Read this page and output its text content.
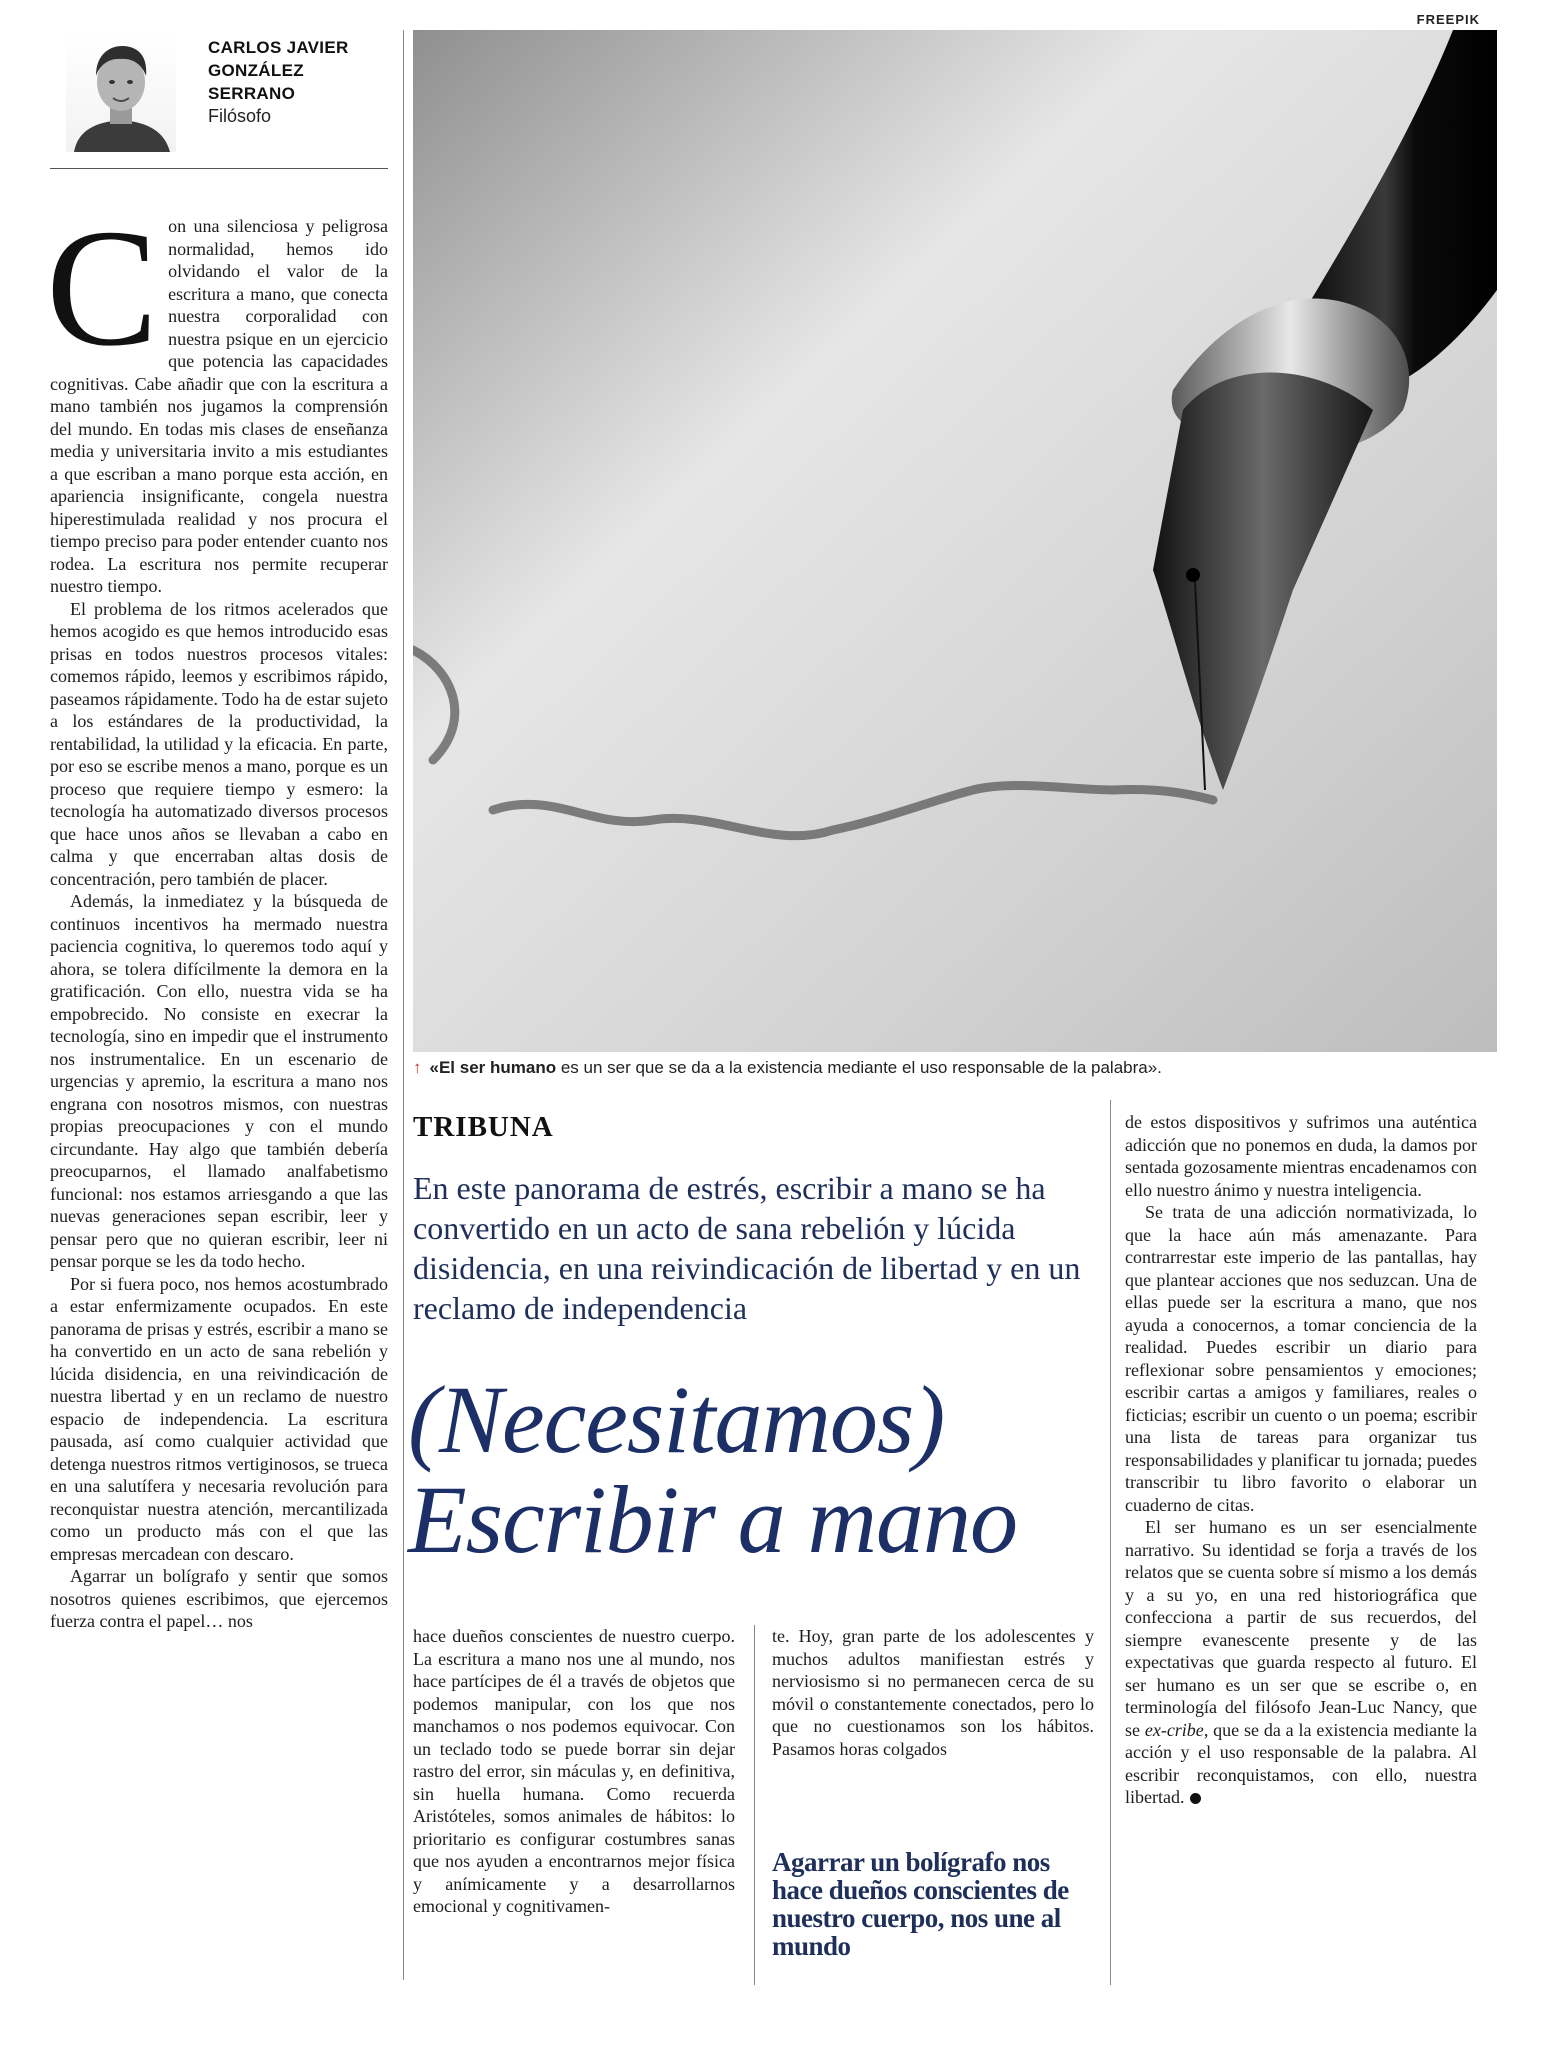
FREEPIK
CARLOS JAVIER
GONZÁLEZ
SERRANO
Filósofo

Con una silenciosa y peligrosa normalidad, hemos ido olvidando el valor de la escritura a mano, que conecta nuestra corporalidad con nuestra psique en un ejercicio que potencia las capacidades cognitivas. Cabe añadir que con la escritura a mano también nos jugamos la comprensión del mundo. En todas mis clases de enseñanza media y universitaria invito a mis estudiantes a que escriban a mano porque esta acción, en apariencia insignificante, congela nuestra hiperestimulada realidad y nos procura el tiempo preciso para poder entender cuanto nos rodea. La escritura nos permite recuperar nuestro tiempo.

El problema de los ritmos acelerados que hemos acogido es que hemos introducido esas prisas en todos nuestros procesos vitales: comemos rápido, leemos y escribimos rápido, paseamos rápidamente. Todo ha de estar sujeto a los estándares de la productividad, la rentabilidad, la utilidad y la eficacia. En parte, por eso se escribe menos a mano, porque es un proceso que requiere tiempo y esmero: la tecnología ha automatizado diversos procesos que hace unos años se llevaban a cabo en calma y que encerraban altas dosis de concentración, pero también de placer.

Además, la inmediatez y la búsqueda de continuos incentivos ha mermado nuestra paciencia cognitiva, lo queremos todo aquí y ahora, se tolera difícilmente la demora en la gratificación. Con ello, nuestra vida se ha empobrecido. No consiste en execrar la tecnología, sino en impedir que el instrumento nos instrumentalice. En un escenario de urgencias y apremio, la escritura a mano nos engrana con nosotros mismos, con nuestras propias preocupaciones y con el mundo circundante. Hay algo que también debería preocuparnos, el llamado analfabetismo funcional: nos estamos arriesgando a que las nuevas generaciones sepan escribir, leer y pensar pero que no quieran escribir, leer ni pensar porque se les da todo hecho.

Por si fuera poco, nos hemos acostumbrado a estar enfermizamente ocupados. En este panorama de prisas y estrés, escribir a mano se ha convertido en un acto de sana rebelión y lúcida disidencia, en una reivindicación de nuestra libertad y en un reclamo de nuestro espacio de independencia. La escritura pausada, así como cualquier actividad que detenga nuestros ritmos vertiginosos, se trueca en una salutífera y necesaria revolución para reconquistar nuestra atención, mercantilizada como un producto más con el que las empresas mercadean con descaro.

Agarrar un bolígrafo y sentir que somos nosotros quienes escribimos, que ejercemos fuerza contra el papel… nos

↑ «El ser humano es un ser que se da a la existencia mediante el uso responsable de la palabra».
TRIBUNA
En este panorama de estrés, escribir a mano se ha convertido en un acto de sana rebelión y lúcida disidencia, en una reivindicación de libertad y en un reclamo de independencia
(Necesitamos)
Escribir a mano

hace dueños conscientes de nuestro cuerpo. La escritura a mano nos une al mundo, nos hace partícipes de él a través de objetos que podemos manipular, con los que nos manchamos o nos podemos equivocar. Con un teclado todo se puede borrar sin dejar rastro del error, sin máculas y, en definitiva, sin huella humana. Como recuerda Aristóteles, somos animales de hábitos: lo prioritario es configurar costumbres sanas que nos ayuden a encontrarnos mejor física y anímicamente y a desarrollarnos emocional y cognitivamen-

te. Hoy, gran parte de los adolescentes y muchos adultos manifiestan estrés y nerviosismo si no permanecen cerca de su móvil o constantemente conectados, pero lo que no cuestionamos son los hábitos. Pasamos horas colgados

Agarrar un bolígrafo nos hace dueños conscientes de nuestro cuerpo, nos une al mundo

de estos dispositivos y sufrimos una auténtica adicción que no ponemos en duda, la damos por sentada gozosamente mientras encadenamos con ello nuestro ánimo y nuestra inteligencia.

Se trata de una adicción normativizada, lo que la hace aún más amenazante. Para contrarrestar este imperio de las pantallas, hay que plantear acciones que nos seduzcan. Una de ellas puede ser la escritura a mano, que nos ayuda a conocernos, a tomar conciencia de la realidad. Puedes escribir un diario para reflexionar sobre pensamientos y emociones; escribir cartas a amigos y familiares, reales o ficticias; escribir un cuento o un poema; escribir una lista de tareas para organizar tus responsabilidades y planificar tu jornada; puedes transcribir tu libro favorito o elaborar un cuaderno de citas.

El ser humano es un ser esencialmente narrativo. Su identidad se forja a través de los relatos que se cuenta sobre sí mismo a los demás y a su yo, en una red historiográfica que confecciona a partir de sus recuerdos, del siempre evanescente presente y de las expectativas que guarda respecto al futuro. El ser humano es un ser que se escribe o, en terminología del filósofo Jean-Luc Nancy, que se ex-cribe, que se da a la existencia mediante la acción y el uso responsable de la palabra. Al escribir reconquistamos, con ello, nuestra libertad.
